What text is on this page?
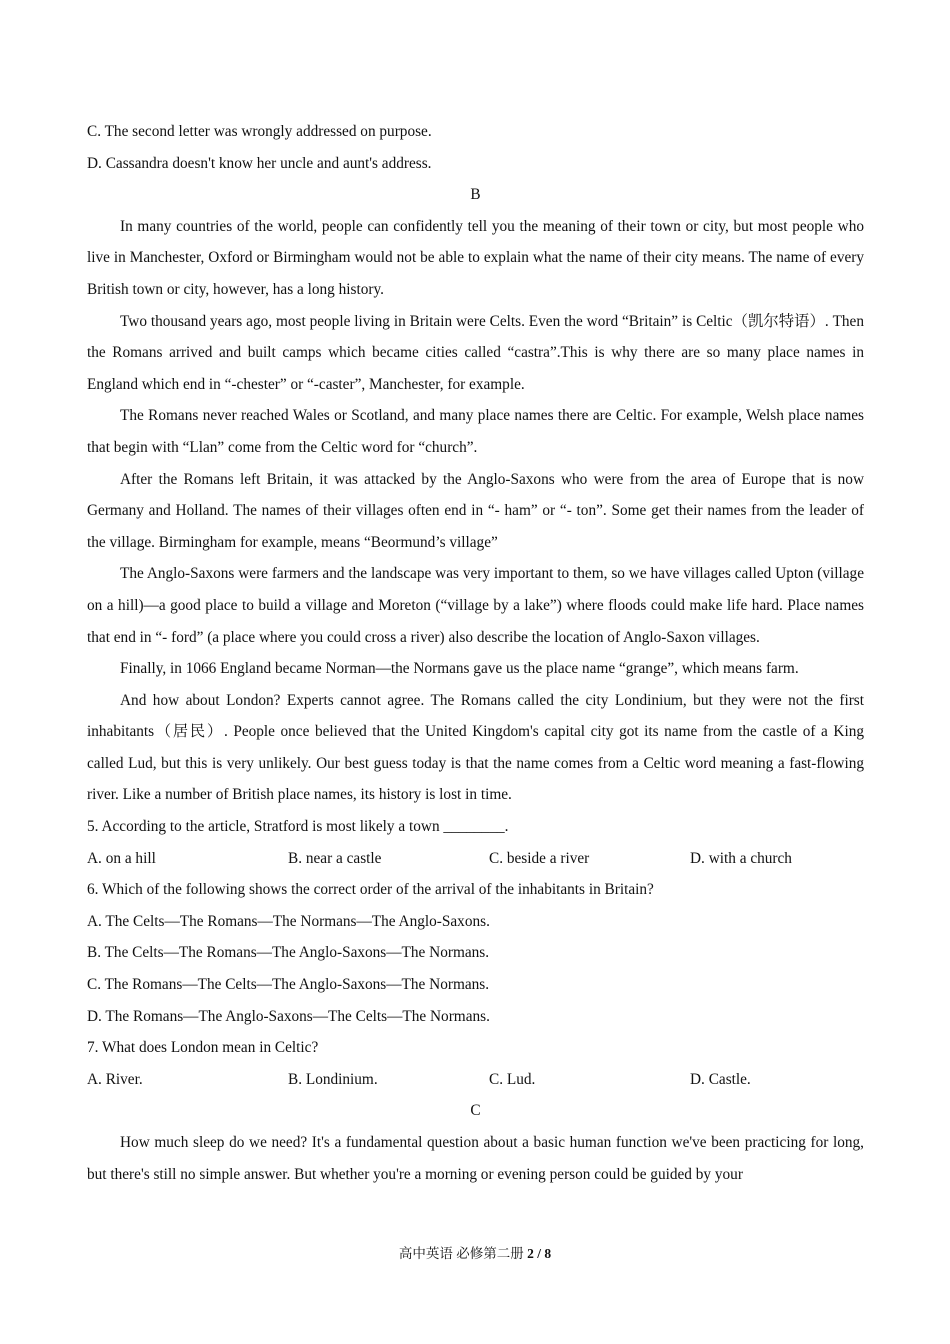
C. The second letter was wrongly addressed on purpose.

D. Cassandra doesn't know her uncle and aunt's address.

B

In many countries of the world, people can confidently tell you the meaning of their town or city, but most people who live in Manchester, Oxford or Birmingham would not be able to explain what the name of their city means. The name of every British town or city, however, has a long history.

Two thousand years ago, most people living in Britain were Celts. Even the word “Britain” is Celtic（凯尔特语）. Then the Romans arrived and built camps which became cities called “castra”.This is why there are so many place names in England which end in “-chester” or “-caster”, Manchester, for example.

The Romans never reached Wales or Scotland, and many place names there are Celtic. For example, Welsh place names that begin with “Llan” come from the Celtic word for “church”.

After the Romans left Britain, it was attacked by the Anglo-Saxons who were from the area of Europe that is now Germany and Holland. The names of their villages often end in “- ham” or “- ton”. Some get their names from the leader of the village. Birmingham for example, means “Beormund’s village”

The Anglo-Saxons were farmers and the landscape was very important to them, so we have villages called Upton (village on a hill)—a good place to build a village and Moreton (“village by a lake”) where floods could make life hard. Place names that end in “- ford” (a place where you could cross a river) also describe the location of Anglo-Saxon villages.

Finally, in 1066 England became Norman—the Normans gave us the place name “grange”, which means farm.

And how about London? Experts cannot agree. The Romans called the city Londinium, but they were not the first inhabitants（居民）. People once believed that the United Kingdom's capital city got its name from the castle of a King called Lud, but this is very unlikely. Our best guess today is that the name comes from a Celtic word meaning a fast-flowing river. Like a number of British place names, its history is lost in time.

5. According to the article, Stratford is most likely a town ________.

A. on a hill	B. near a castle	C. beside a river	D. with a church

6. Which of the following shows the correct order of the arrival of the inhabitants in Britain?

A. The Celts—The Romans—The Normans—The Anglo-Saxons.

B. The Celts—The Romans—The Anglo-Saxons—The Normans.

C. The Romans—The Celts—The Anglo-Saxons—The Normans.

D. The Romans—The Anglo-Saxons—The Celts—The Normans.

7. What does London mean in Celtic?

A. River.	B. Londinium.	C. Lud.	D. Castle.

C

How much sleep do we need? It's a fundamental question about a basic human function we've been practicing for long, but there's still no simple answer. But whether you're a morning or evening person could be guided by your

高中英语 必修第二册 2 / 8
